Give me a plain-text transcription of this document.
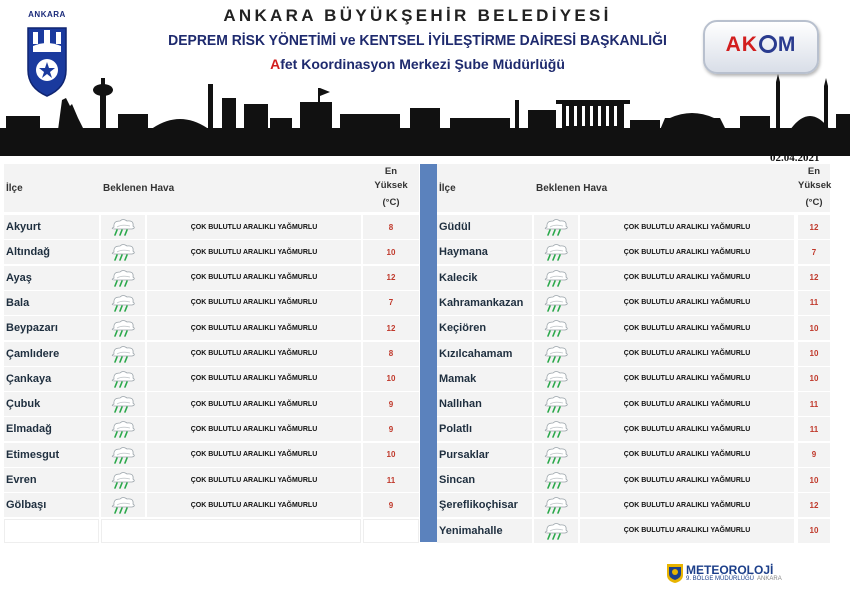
ANKARA	ANKARA BÜYÜKŞEHİR BELEDİYESİ
DEPREM RİSK YÖNETİMİ ve KENTSEL İYİLEŞTİRME DAİRESİ BAŞKANLIĞI
Afet Koordinasyon Merkezi Şube Müdürlüğü
AK M
02.04.2021
İlçe	Beklenen Hava
En
Yüksek
(°C)
Akyurt	ÇOK BULUTLU ARALIKLI YAĞMURLU	8
Altındağ	ÇOK BULUTLU ARALIKLI YAĞMURLU	10
Ayaş	ÇOK BULUTLU ARALIKLI YAĞMURLU	12
Bala	ÇOK BULUTLU ARALIKLI YAĞMURLU	7
Beypazarı	ÇOK BULUTLU ARALIKLI YAĞMURLU	12
Çamlıdere	ÇOK BULUTLU ARALIKLI YAĞMURLU	8
Çankaya	ÇOK BULUTLU ARALIKLI YAĞMURLU	10
Çubuk	ÇOK BULUTLU ARALIKLI YAĞMURLU	9
Elmadağ	ÇOK BULUTLU ARALIKLI YAĞMURLU	9
Etimesgut	ÇOK BULUTLU ARALIKLI YAĞMURLU	10
Evren	ÇOK BULUTLU ARALIKLI YAĞMURLU	11
Gölbaşı	ÇOK BULUTLU ARALIKLI YAĞMURLU	9
İlçe	Beklenen Hava
En
Yüksek
(°C)
Güdül	ÇOK BULUTLU ARALIKLI YAĞMURLU	12
Haymana	ÇOK BULUTLU ARALIKLI YAĞMURLU	7
Kalecik	ÇOK BULUTLU ARALIKLI YAĞMURLU	12
Kahramankazan	ÇOK BULUTLU ARALIKLI YAĞMURLU	11
Keçiören	ÇOK BULUTLU ARALIKLI YAĞMURLU	10
Kızılcahamam	ÇOK BULUTLU ARALIKLI YAĞMURLU	10
Mamak	ÇOK BULUTLU ARALIKLI YAĞMURLU	10
Nallıhan	ÇOK BULUTLU ARALIKLI YAĞMURLU	11
Polatlı	ÇOK BULUTLU ARALIKLI YAĞMURLU	11
Pursaklar	ÇOK BULUTLU ARALIKLI YAĞMURLU	9
Sincan	ÇOK BULUTLU ARALIKLI YAĞMURLU	10
Şereflikoçhisar	ÇOK BULUTLU ARALIKLI YAĞMURLU	12
Yenimahalle	ÇOK BULUTLU ARALIKLI YAĞMURLU	10
METEOROLOJİ
9. BÖLGE MÜDÜRLÜĞÜ ANKARA
